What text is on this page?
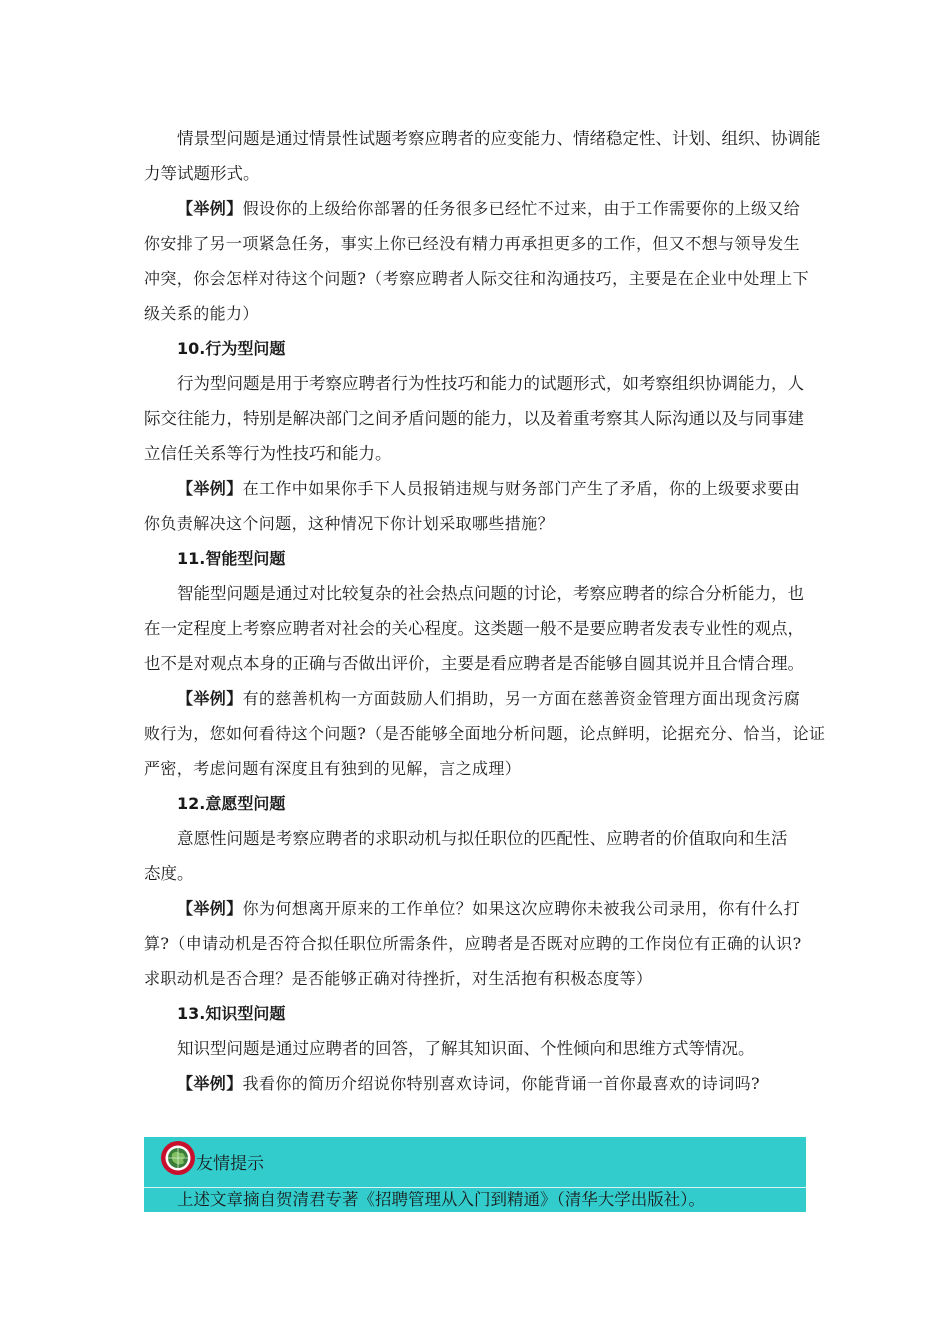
情景型问题是通过情景性试题考察应聘者的应变能力、情绪稳定性、计划、组织、协调能
力等试题形式。
【举例】假设你的上级给你部署的任务很多已经忙不过来，由于工作需要你的上级又给
你安排了另一项紧急任务，事实上你已经没有精力再承担更多的工作，但又不想与领导发生
冲突，你会怎样对待这个问题?（考察应聘者人际交往和沟通技巧，主要是在企业中处理上下
级关系的能力）
10.行为型问题
行为型问题是用于考察应聘者行为性技巧和能力的试题形式，如考察组织协调能力，人
际交往能力，特别是解决部门之间矛盾问题的能力，以及着重考察其人际沟通以及与同事建
立信任关系等行为性技巧和能力。
【举例】在工作中如果你手下人员报销违规与财务部门产生了矛盾，你的上级要求要由
你负责解决这个问题，这种情况下你计划采取哪些措施？
11.智能型问题
智能型问题是通过对比较复杂的社会热点问题的讨论，考察应聘者的综合分析能力，也
在一定程度上考察应聘者对社会的关心程度。这类题一般不是要应聘者发表专业性的观点，
也不是对观点本身的正确与否做出评价，主要是看应聘者是否能够自圆其说并且合情合理。
【举例】有的慈善机构一方面鼓励人们捐助，另一方面在慈善资金管理方面出现贪污腐
败行为，您如何看待这个问题?（是否能够全面地分析问题，论点鲜明，论据充分、恰当，论证
严密，考虑问题有深度且有独到的见解，言之成理）
12.意愿型问题
意愿性问题是考察应聘者的求职动机与拟任职位的匹配性、应聘者的价值取向和生活
态度。
【举例】你为何想离开原来的工作单位？如果这次应聘你未被我公司录用，你有什么打
算?（申请动机是否符合拟任职位所需条件，应聘者是否既对应聘的工作岗位有正确的认识?
求职动机是否合理？是否能够正确对待挫折，对生活抱有积极态度等）
13.知识型问题
知识型问题是通过应聘者的回答，了解其知识面、个性倾向和思维方式等情况。
【举例】我看你的简历介绍说你特别喜欢诗词，你能背诵一首你最喜欢的诗词吗?
友情提示
上述文章摘自贺清君专著《招聘管理从入门到精通》（清华大学出版社）。
